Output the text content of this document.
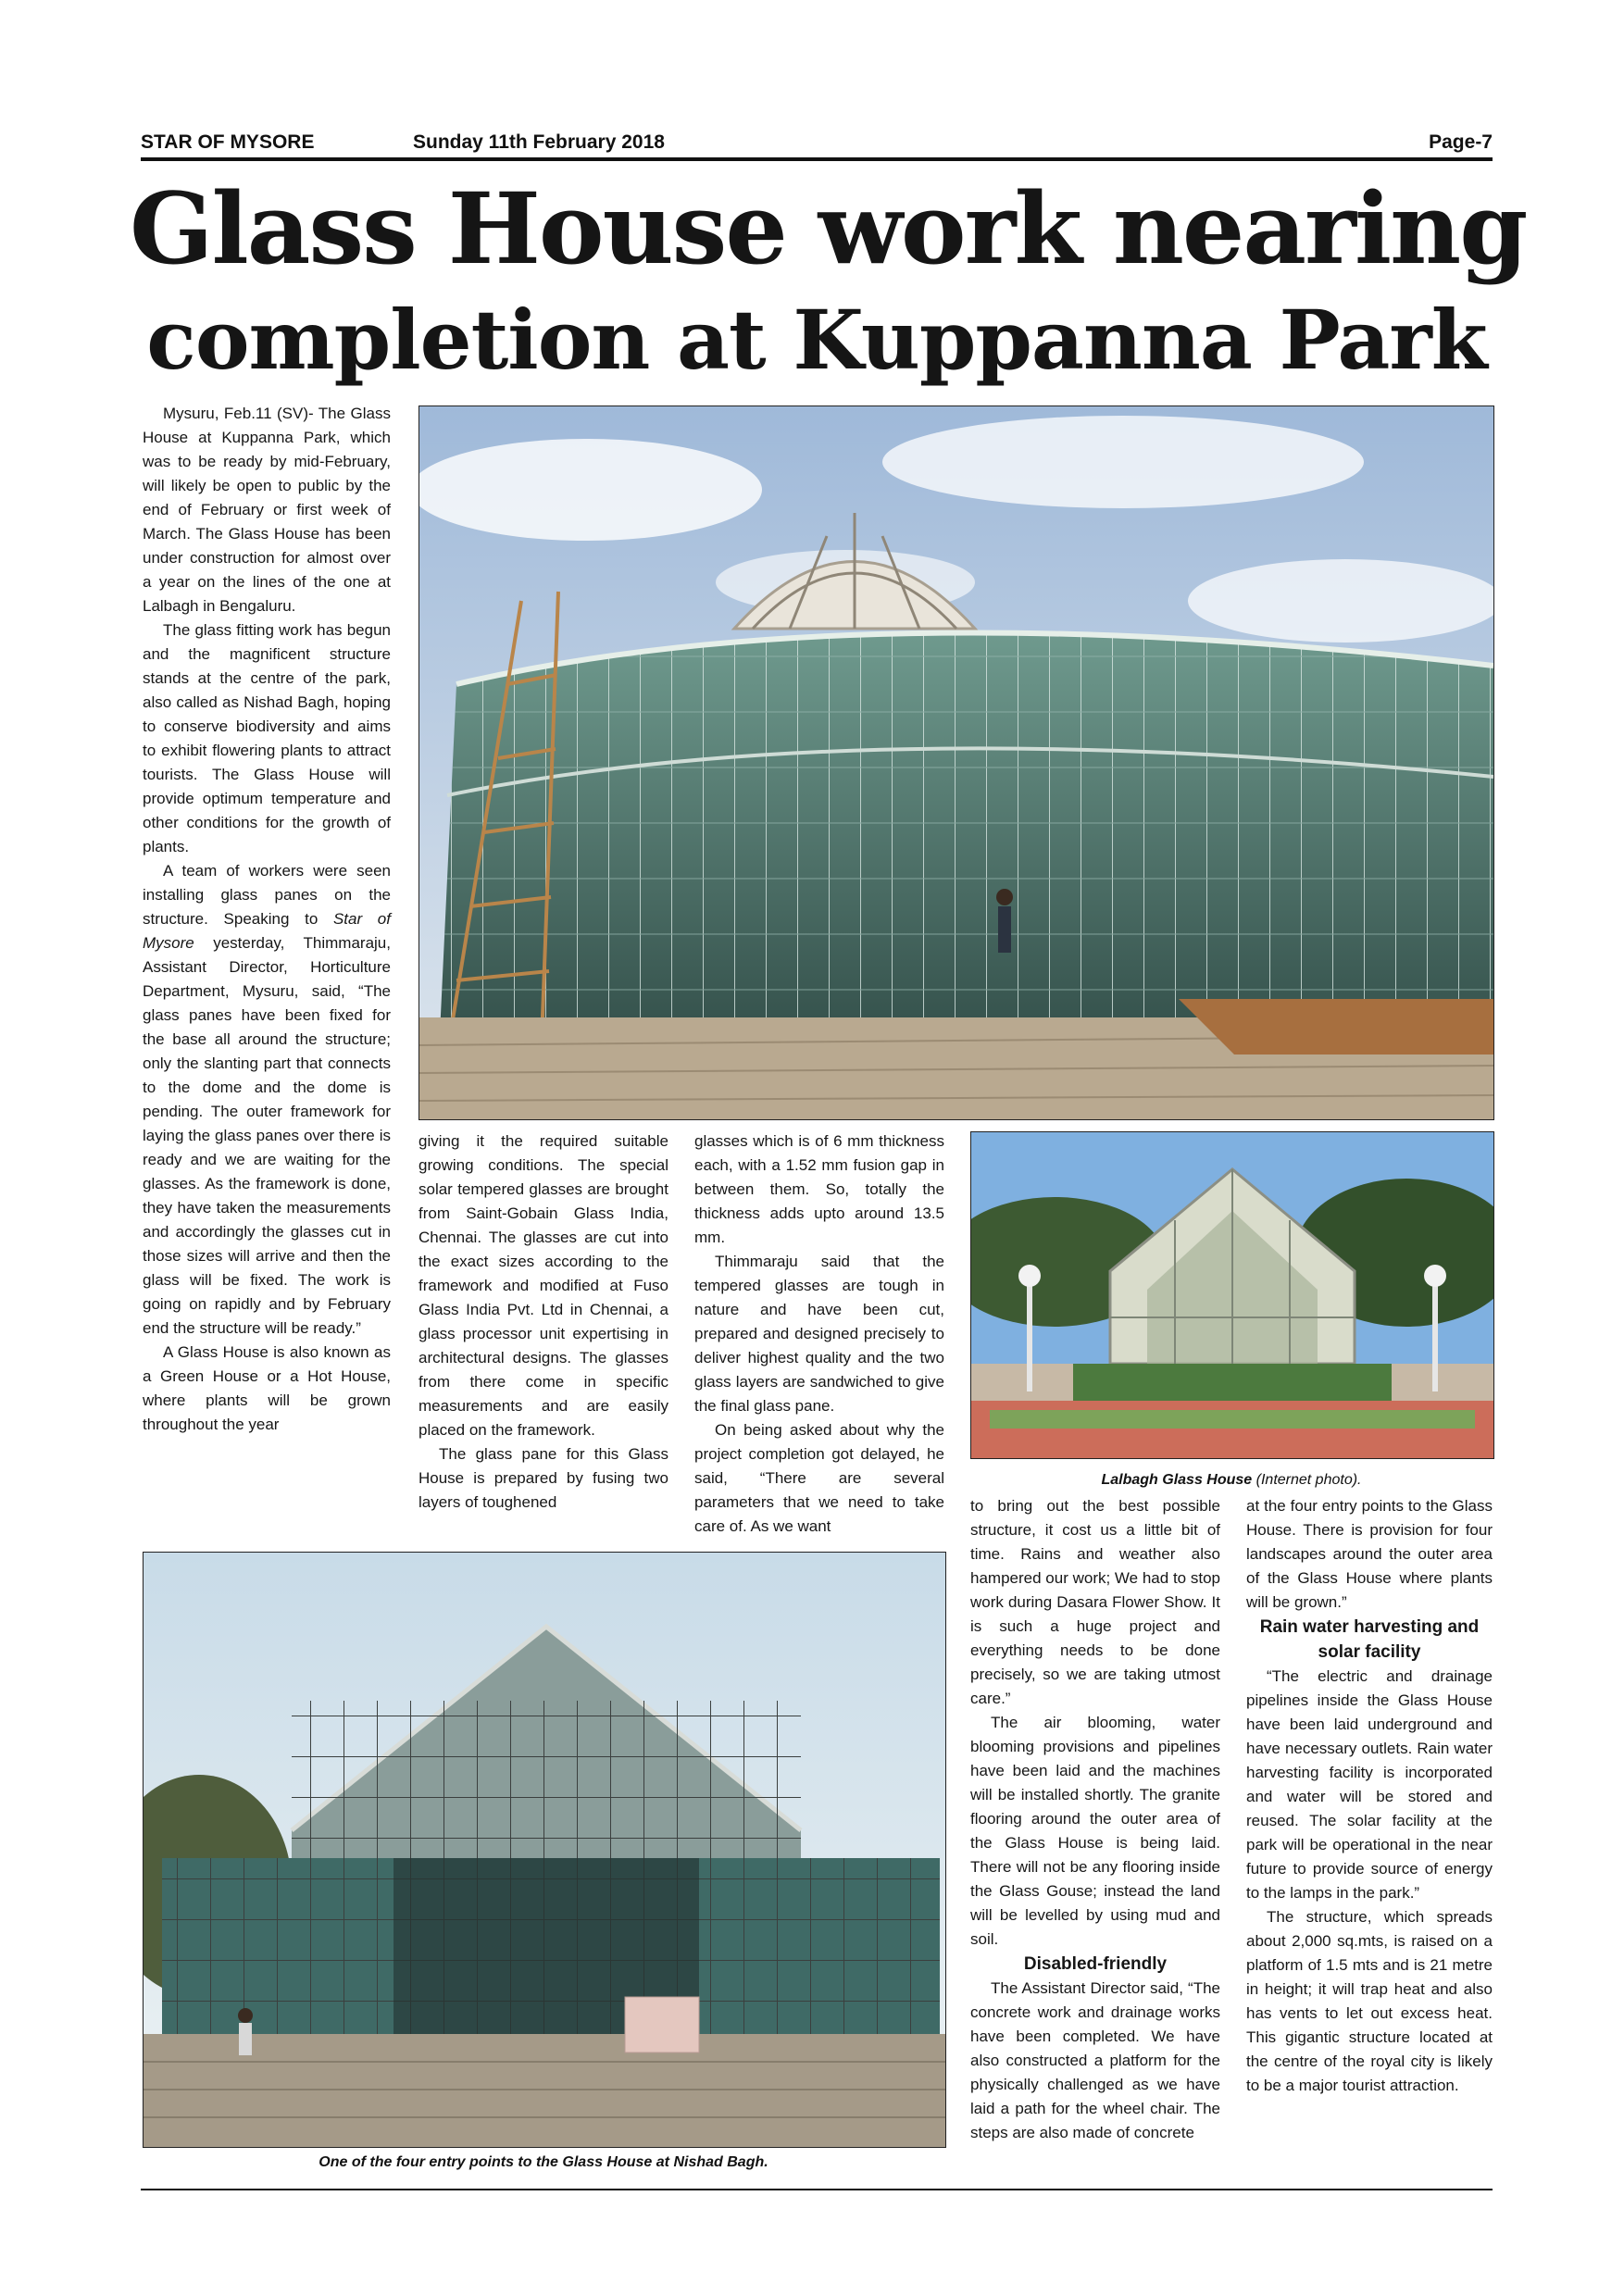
STAR OF MYSORE	Sunday 11th February 2018	Page-7
Glass House work nearing
completion at Kuppanna Park

Mysuru, Feb.11 (SV)- The Glass House at Kuppanna Park, which was to be ready by mid-February, will likely be open to public by the end of February or first week of March. The Glass House has been under construction for almost over a year on the lines of the one at Lalbagh in Bengaluru.

The glass fitting work has begun and the magnificent structure stands at the centre of the park, also called as Nishad Bagh, hoping to conserve biodiversity and aims to exhibit flowering plants to attract tourists. The Glass House will provide optimum temperature and other conditions for the growth of plants.

A team of workers were seen installing glass panes on the structure. Speaking to Star of Mysore yesterday, Thimmaraju, Assistant Director, Horticulture Department, Mysuru, said, “The glass panes have been fixed for the base all around the structure; only the slanting part that connects to the dome and the dome is pending. The outer framework for laying the glass panes over there is ready and we are waiting for the glasses. As the framework is done, they have taken the measurements and accordingly the glasses cut in those sizes will arrive and then the glass will be fixed. The work is going on rapidly and by February end the structure will be ready.”

A Glass House is also known as a Green House or a Hot House, where plants will be grown throughout the year

giving it the required suitable growing conditions. The special solar tempered glasses are brought from Saint-Gobain Glass India, Chennai. The glasses are cut into the exact sizes according to the framework and modified at Fuso Glass India Pvt. Ltd in Chennai, a glass processor unit expertising in architectural designs. The glasses from there come in specific measurements and are easily placed on the framework.

The glass pane for this Glass House is prepared by fusing two layers of toughened

glasses which is of 6 mm thickness each, with a 1.52 mm fusion gap in between them. So, totally the thickness adds upto around 13.5 mm.

Thimmaraju said that the tempered glasses are tough in nature and have been cut, prepared and designed precisely to deliver highest quality and the two glass layers are sandwiched to give the final glass pane.

On being asked about why the project completion got delayed, he said, “There are several parameters that we need to take care of. As we want

Lalbagh Glass House (Internet photo).

to bring out the best possible structure, it cost us a little bit of time. Rains and weather also hampered our work; We had to stop work during Dasara Flower Show. It is such a huge project and everything needs to be done precisely, so we are taking utmost care.”

The air blooming, water blooming provisions and pipelines have been laid and the machines will be installed shortly. The granite flooring around the outer area of the Glass House is being laid. There will not be any flooring inside the Glass Gouse; instead the land will be levelled by using mud and soil.

Disabled-friendly

The Assistant Director said, “The concrete work and drainage works have been completed. We have also constructed a platform for the physically challenged as we have laid a path for the wheel chair. The steps are also made of concrete

at the four entry points to the Glass House. There is provision for four landscapes around the outer area of the Glass House where plants will be grown.”

Rain water harvesting and solar facility

“The electric and drainage pipelines inside the Glass House have been laid underground and have necessary outlets. Rain water harvesting facility is incorporated and water will be stored and reused. The solar facility at the park will be operational in the near future to provide source of energy to the lamps in the park.”

The structure, which spreads about 2,000 sq.mts, is raised on a platform of 1.5 mts and is 21 metre in height; it will trap heat and also has vents to let out excess heat. This gigantic structure located at the centre of the royal city is likely to be a major tourist attraction.

One of the four entry points to the Glass House at Nishad Bagh.
